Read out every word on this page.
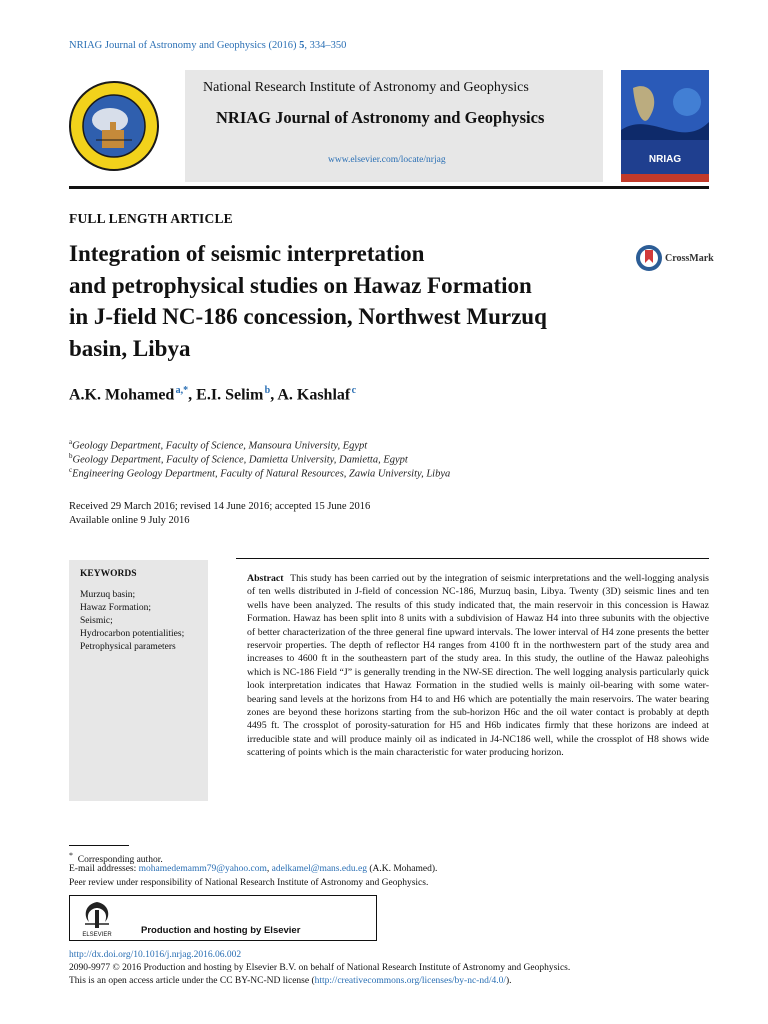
NRIAG Journal of Astronomy and Geophysics (2016) 5, 334–350
National Research Institute of Astronomy and Geophysics
NRIAG Journal of Astronomy and Geophysics
www.elsevier.com/locate/nrjag	NRIAG
FULL LENGTH ARTICLE
Integration of seismic interpretation
and petrophysical studies on Hawaz Formation
in J-field NC-186 concession, Northwest Murzuq
basin, Libya
CrossMark
A.K. Mohamed $^{a,*}$, E.I. Selim $^b$, A. Kashlaf $^c$
$^a$Geology Department, Faculty of Science, Mansoura University, Egypt
$^b$Geology Department, Faculty of Science, Damietta University, Damietta, Egypt
$^c$Engineering Geology Department, Faculty of Natural Resources, Zawia University, Libya
Received 29 March 2016; revised 14 June 2016; accepted 15 June 2016
Available online 9 July 2016
KEYWORDS
Murzuq basin;
Hawaz Formation;
Seismic;
Hydrocarbon potentialities;
Petrophysical parameters
Abstract This study has been carried out by the integration of seismic interpretations and the well-logging analysis of ten wells distributed in J-field of concession NC-186, Murzuq basin, Libya. Twenty (3D) seismic lines and ten wells have been analyzed. The results of this study indicated that, the main reservoir in this concession is Hawaz Formation. Hawaz has been split into 8 units with a subdivision of Hawaz H4 into three subunits with the objective of better characterization of the three general fine upward intervals. The lower interval of H4 zone presents the better reservoir properties. The depth of reflector H4 ranges from 4100 ft in the northwestern part of the study area and increases to 4600 ft in the southeastern part of the study area. In this study, the outline of the Hawaz paleohighs which is NC-186 Field “J” is generally trending in the NW-SE direction. The well logging analysis particularly quick look interpretation indicates that Hawaz Formation in the studied wells is mainly oil-bearing with some water-bearing sand levels at the horizons from H4 to and H6 which are potentially the main reservoirs. The water bearing zones are beyond these horizons starting from the sub-horizon H6c and the oil water contact is probably at depth 4495 ft. The crossplot of porosity-saturation for H5 and H6b indicates firmly that these horizons are indeed at irreducible state and will produce mainly oil as indicated in J4-NC186 well, while the crossplot of H8 shows wide scattering of points which is the main characteristic for water producing horizon.
* Corresponding author.
E-mail addresses: mohamedemamm79@yahoo.com, adelkamel@mans.edu.eg (A.K. Mohamed).
Peer review under responsibility of National Research Institute of Astronomy and Geophysics.
ELSEVIER	Production and hosting by Elsevier
http://dx.doi.org/10.1016/j.nrjag.2016.06.002
2090-9977 © 2016 Production and hosting by Elsevier B.V. on behalf of National Research Institute of Astronomy and Geophysics.
This is an open access article under the CC BY-NC-ND license (http://creativecommons.org/licenses/by-nc-nd/4.0/).
